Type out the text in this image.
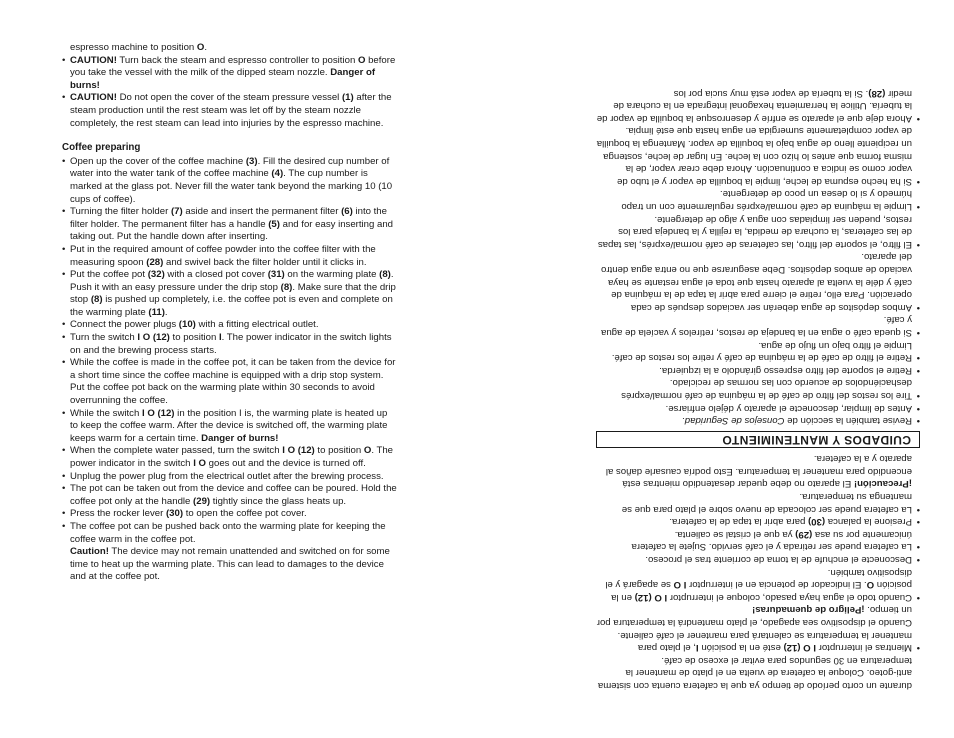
espresso machine to position O.

• CAUTION! Turn back the steam and espresso controller to position O before you take the vessel with the milk of the dipped steam nozzle. Danger of burns!

• CAUTION! Do not open the cover of the steam pressure vessel (1) after the steam production until the rest steam was let off by the steam nozzle completely, the rest steam can lead into injuries by the espresso machine.

Coffee preparing

• Open up the cover of the coffee machine (3). Fill the desired cup number of water into the water tank of the coffee machine (4). The cup number is marked at the glass pot. Never fill the water tank beyond the marking 10 (10 cups of coffee).

• Turning the filter holder (7) aside and insert the permanent filter (6) into the filter holder. The permanent filter has a handle (5) and for easy inserting and taking out. Put the handle down after inserting.

• Put in the required amount of coffee powder into the coffee filter with the measuring spoon (28) and swivel back the filter holder until it clicks in.

• Put the coffee pot (32) with a closed pot cover (31) on the warming plate (8). Push it with an easy pressure under the drip stop (8). Make sure that the drip stop (8) is pushed up completely, i.e. the coffee pot is even and complete on the warming plate (11).

• Connect the power plugs (10) with a fitting electrical outlet.

• Turn the switch I O (12) to position I. The power indicator in the switch lights on and the brewing process starts.

• While the coffee is made in the coffee pot, it can be taken from the device for a short time since the coffee machine is equipped with a drip stop system. Put the coffee pot back on the warming plate within 30 seconds to avoid overrunning the coffee.

• While the switch I O (12) in the position I is, the warming plate is heated up to keep the coffee warm. After the device is switched off, the warming plate keeps warm for a certain time. Danger of burns!

• When the complete water passed, turn the switch I O (12) to position O. The power indicator in the switch I O goes out and the device is turned off.

• Unplug the power plug from the electrical outlet after the brewing process.

• The pot can be taken out from the device and coffee can be poured. Hold the coffee pot only at the handle (29) tightly since the glass heats up.

• Press the rocker lever (30) to open the coffee pot cover.

• The coffee pot can be pushed back onto the warming plate for keeping the coffee warm in the coffee pot.

Caution! The device may not remain unattended and switched on for some time to heat up the warming plate. This can lead to damages to the device and at the coffee pot.

durante un corto período de tiempo ya que la cafetera cuenta con sistema anti-goteo. Coloque la cafetera de vuelta en el plato de mantener la temperatura en 30 segundos para evitar el exceso de café.

• Mientras el interruptor I O (12) esté en la posición I, el plato para mantener la temperatura se calentará para mantener el café caliente. Cuando el dispositivo sea apagado, el plato mantendrá la temperatura por un tiempo. ¡Peligro de quemaduras!

• Cuando todo el agua haya pasado, coloque el interruptor I O (12) en la posición O. El indicador de potencia en el interruptor I O se apagará y el dispositivo también.

• Desconecte el enchufe de la toma de corriente tras el proceso.

• La cafetera puede ser retirada y el café servido. Sujete la cafetera únicamente por su asa (29) ya que el cristal se calienta.

• Presione la palanca (30) para abrir la tapa de la cafetera.

• La cafetera puede ser colocada de nuevo sobre el plato para que se mantenga su temperatura.

¡Precaución! El aparato no debe quedar desatendido mientras está encendido para mantener la temperatura. Esto podría causarle daños al aparato y a la cafetera.

CUIDADOS Y MANTENIMIENTO

• Revise también la sección de Consejos de Seguridad.

• Antes de limpiar, desconecte el aparato y déjelo enfriarse.

• Tire los restos del filtro de café de la máquina de café normal/exprés deshaciéndolos de acuerdo con las normas de reciclado.

• Retire el soporte del filtro espresso girándolo a la izquierda.

• Retire el filtro de café de la máquina de café y retire los restos de café. Limpie el filtro bajo un flujo de agua.

• Si queda café o agua en la bandeja de restos, retírelos y vacíela de agua y café.

• Ambos depósitos de agua deberán ser vaciados después de cada operación. Para ello, retire el cierre para abrir la tapa de la máquina de café y déle la vuelta al aparato hasta que toda el agua restante se haya vaciado de ambos depósitos. Debe asegurarse que no entra agua dentro del aparato.

• El filtro, el soporte del filtro, las cafeteras de café normal/exprés, las tapas de las cafeteras, la cuchara de medida, la rejilla y la bandeja para los restos, pueden ser limpiadas con agua y algo de detergente.

• Limpie la máquina de café normal/exprés regularmente con un trapo húmedo y si lo desea un poco de detergente.

• Si ha hecho espuma de leche, limpie la boquilla de vapor y el tubo de vapor como se indica a continuación. Ahora debe crear vapor, de la misma forma que antes lo hizo con la leche. En lugar de leche, sostenga un recipiente lleno de agua bajo la boquilla de vapor. Mantenga la boquilla de vapor completamente sumergida en agua hasta que esté limpia.

• Ahora deje que el aparato se enfríe y desenrosque la boquilla de vapor de la tubería. Utilice la herramienta hexagonal integrada en la cuchara de medir (28). Si la tubería de vapor está muy sucia por los
